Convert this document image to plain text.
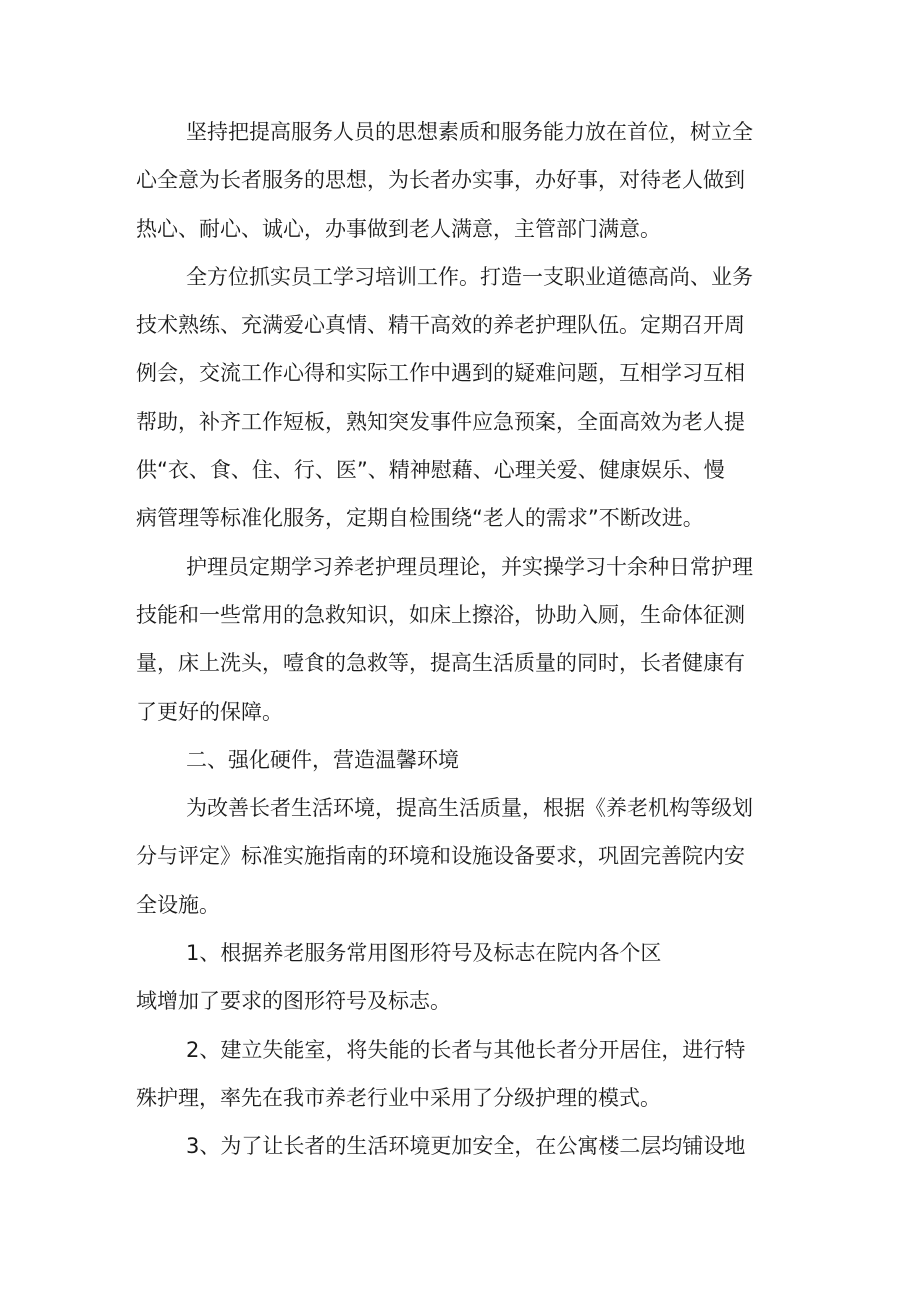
坚持把提高服务人员的思想素质和服务能力放在首位，树立全
心全意为长者服务的思想，为长者办实事，办好事，对待老人做到
热心、耐心、诚心，办事做到老人满意，主管部门满意。
全方位抓实员工学习培训工作。打造一支职业道德高尚、业务
技术熟练、充满爱心真情、精干高效的养老护理队伍。定期召开周
例会，交流工作心得和实际工作中遇到的疑难问题，互相学习互相
帮助，补齐工作短板，熟知突发事件应急预案，全面高效为老人提
供“衣、食、住、行、医”、精神慰藉、心理关爱、健康娱乐、慢
病管理等标准化服务，定期自检围绕“老人的需求”不断改进。
护理员定期学习养老护理员理论，并实操学习十余种日常护理
技能和一些常用的急救知识，如床上擦浴，协助入厕，生命体征测
量，床上洗头，噎食的急救等，提高生活质量的同时，长者健康有
了更好的保障。
二、强化硬件，营造温馨环境
为改善长者生活环境，提高生活质量，根据《养老机构等级划
分与评定》标准实施指南的环境和设施设备要求，巩固完善院内安
全设施。
1、根据养老服务常用图形符号及标志在院内各个区
域增加了要求的图形符号及标志。
2、建立失能室，将失能的长者与其他长者分开居住，进行特
殊护理，率先在我市养老行业中采用了分级护理的模式。
3、为了让长者的生活环境更加安全，在公寓楼二层均铺设地
